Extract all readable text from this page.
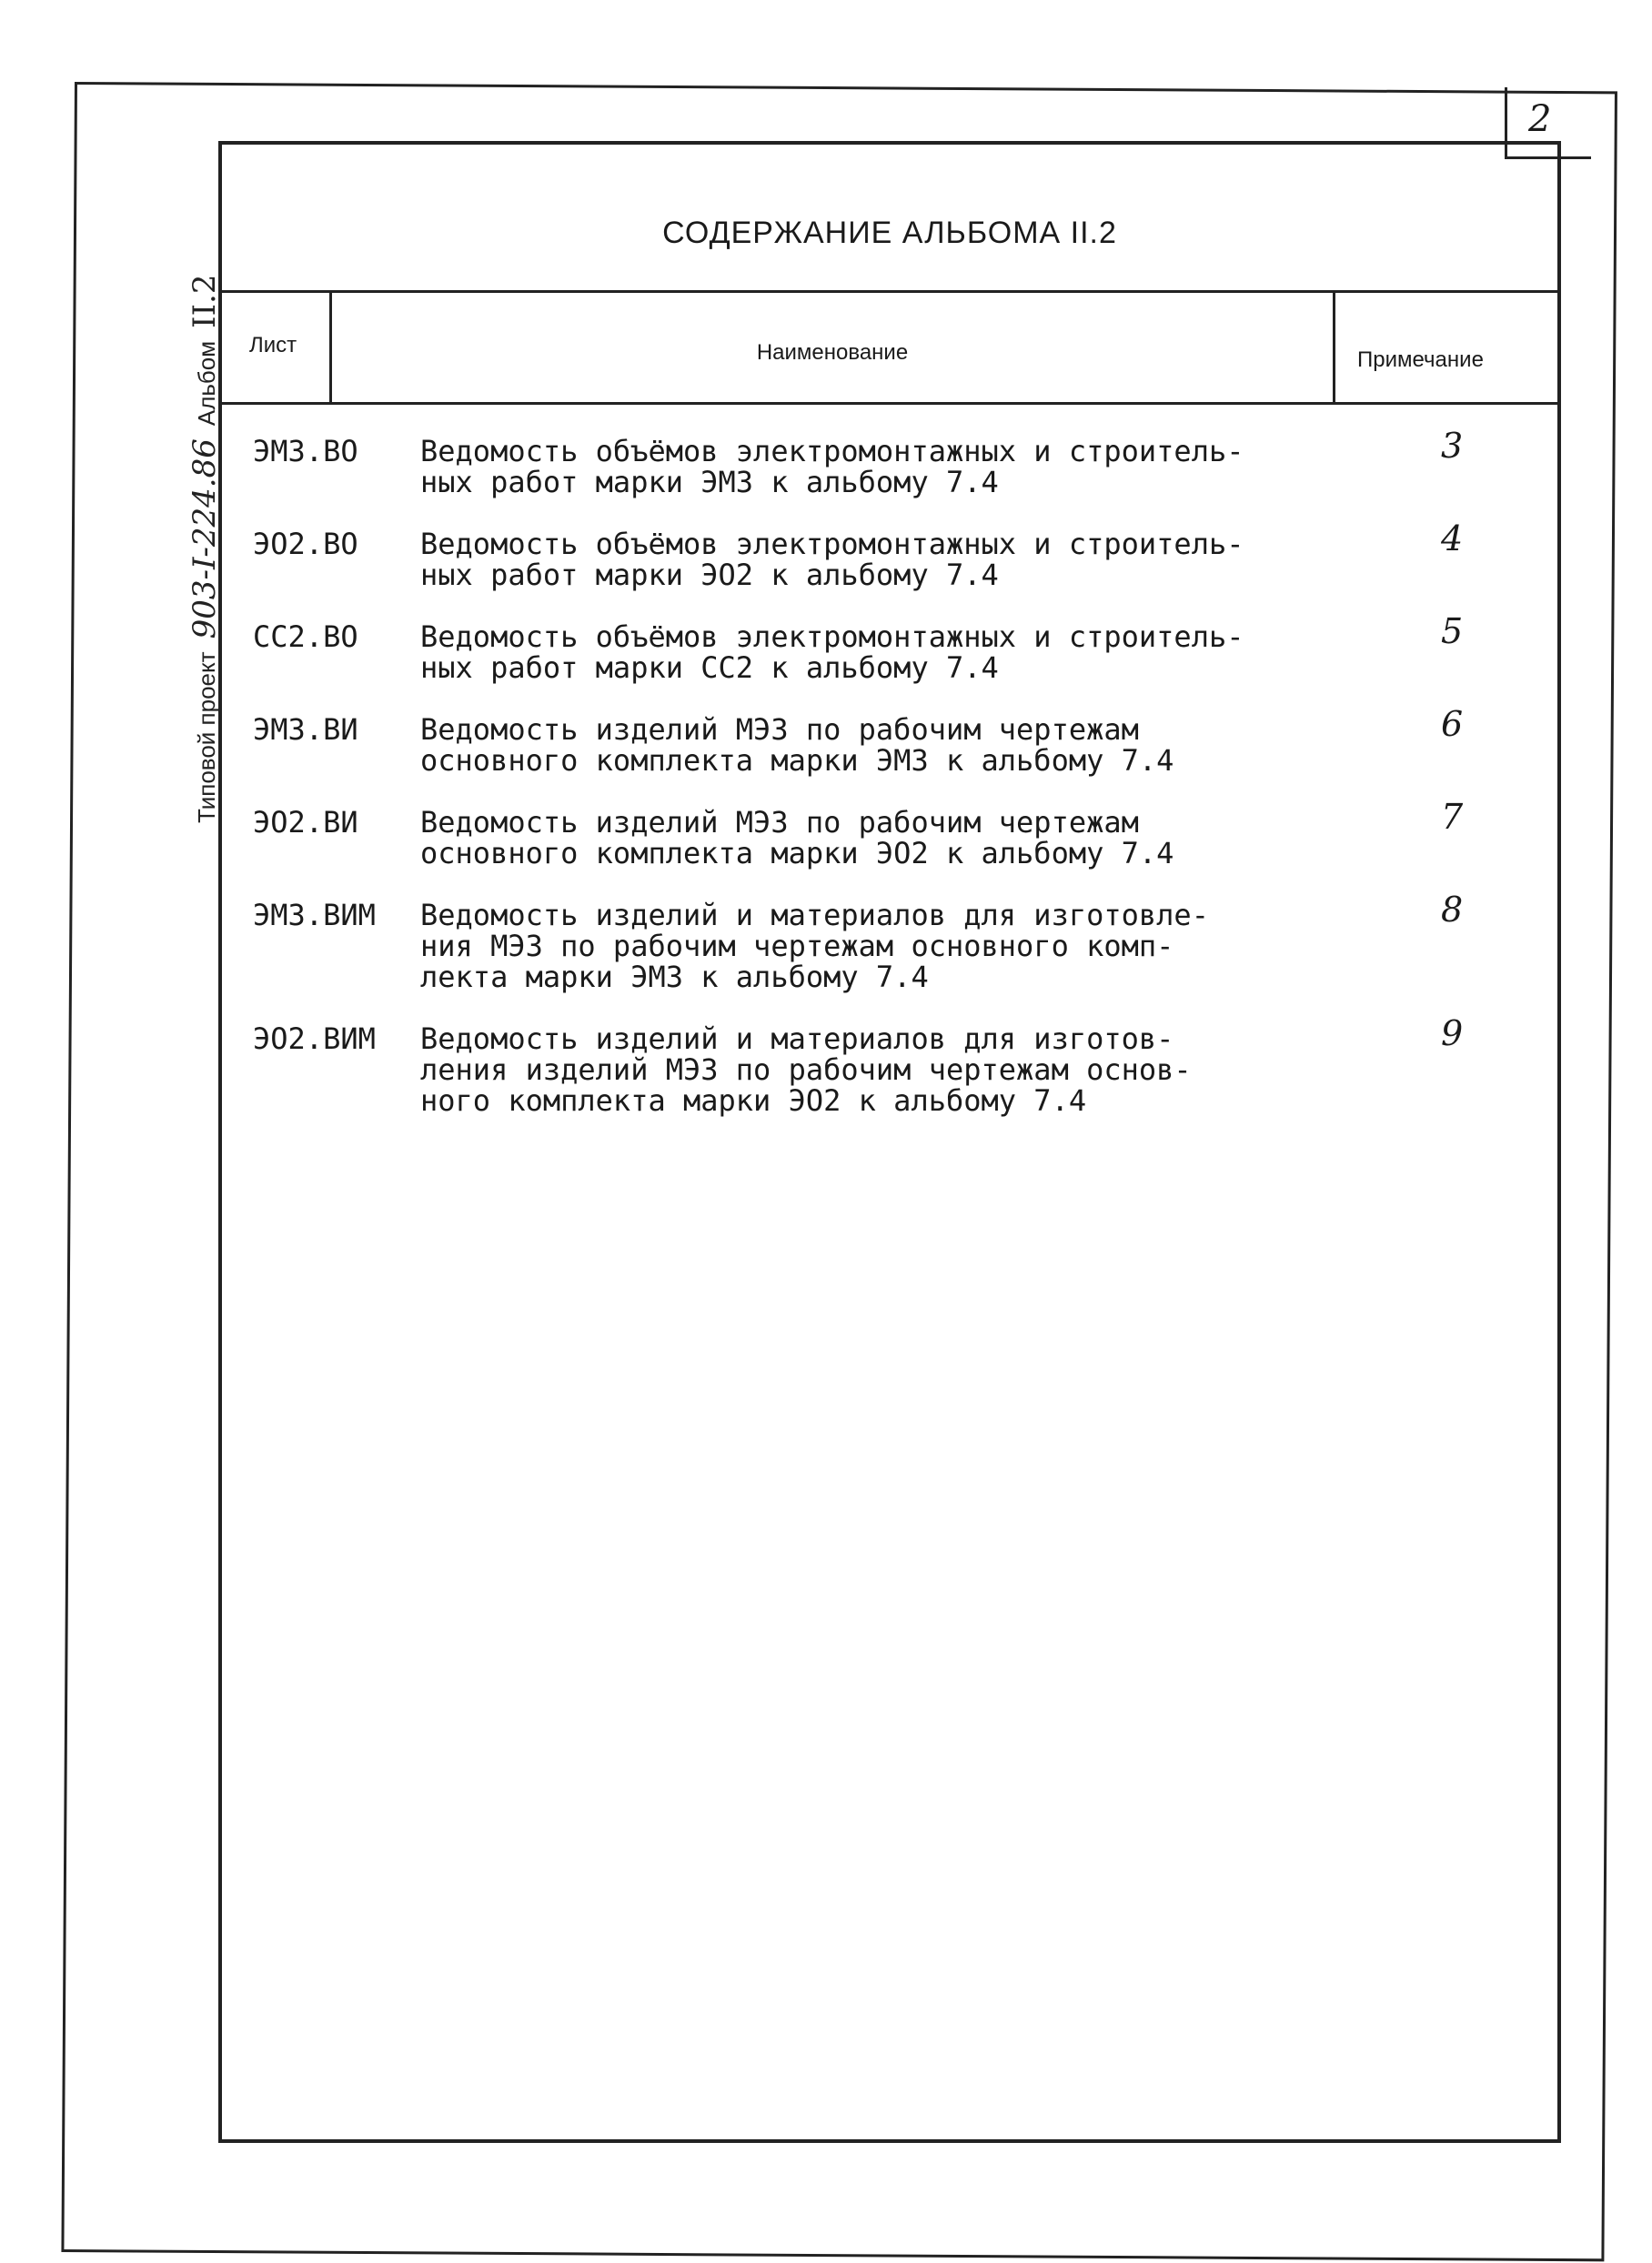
2
Типовой проект
903-I-224.86
Альбом
II.2
СОДЕРЖАНИЕ АЛЬБОМА II.2
Лист	Наименование	Примечание
ЭМ3.ВО Ведомость объёмов электромонтажных и строитель-
ных работ марки ЭМ3 к альбому 7.4
3
ЭО2.ВО Ведомость объёмов электромонтажных и строитель-
ных работ марки ЭО2 к альбому 7.4
4
СС2.ВО Ведомость объёмов электромонтажных и строитель-
ных работ марки СС2 к альбому 7.4
5
ЭМ3.ВИ Ведомость изделий МЭЗ по рабочим чертежам
основного комплекта марки ЭМ3 к альбому 7.4
6
ЭО2.ВИ Ведомость изделий МЭЗ по рабочим чертежам
основного комплекта марки ЭО2 к альбому 7.4
7
ЭМ3.ВИМ Ведомость изделий и материалов для изготовле-
ния МЭЗ по рабочим чертежам основного комп-
лекта марки ЭМ3 к альбому 7.4
8
ЭО2.ВИМ Ведомость изделий и материалов для изготов-
ления изделий МЭЗ по рабочим чертежам основ-
ного комплекта марки ЭО2 к альбому 7.4
9
